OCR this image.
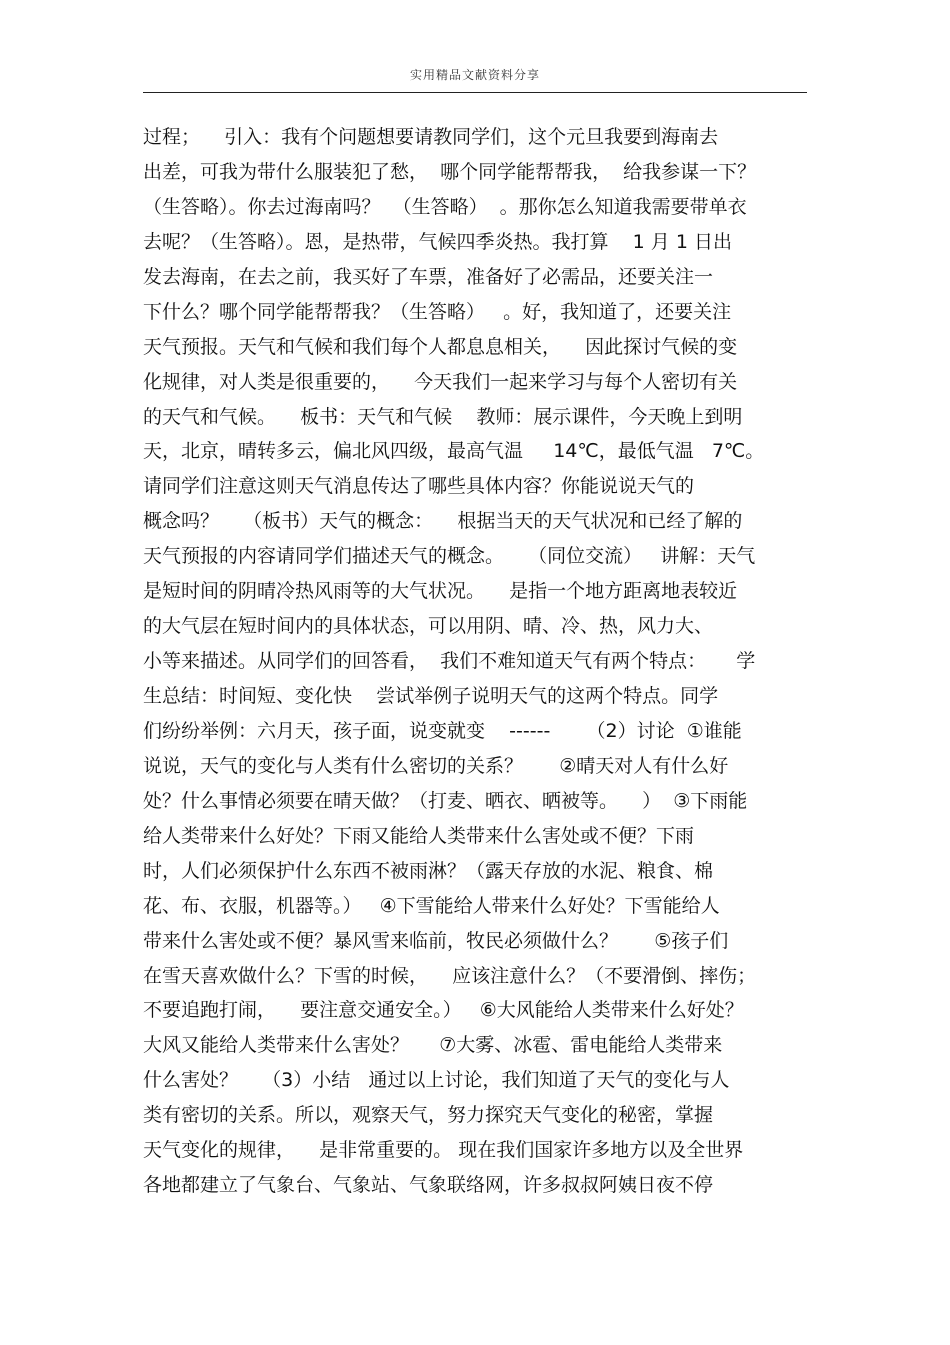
实用精品文献资料分享
过程；    引入：我有个问题想要请教同学们，这个元旦我要到海南去
出差，可我为带什么服装犯了愁，  哪个同学能帮帮我，  给我参谋一下？
（生答略）。你去过海南吗？  （生答略）  。那你怎么知道我需要带单衣
去呢？（生答略）。恩，是热带，气候四季炎热。我打算    1 月 1 日出
发去海南，在去之前，我买好了车票，准备好了必需品，还要关注一
下什么？哪个同学能帮帮我？（生答略）   。好，我知道了，还要关注
天气预报。天气和气候和我们每个人都息息相关，    因此探讨气候的变
化规律，对人类是很重要的，    今天我们一起来学习与每个人密切有关
的天气和气候。    板书：天气和气候    教师：展示课件，今天晚上到明
天，北京，晴转多云，偏北风四级，最高气温     14℃，最低气温   7℃。
请同学们注意这则天气消息传达了哪些具体内容？你能说说天气的
概念吗？    （板书）天气的概念：    根据当天的天气状况和已经了解的
天气预报的内容请同学们描述天气的概念。    （同位交流）   讲解：天气
是短时间的阴晴冷热风雨等的大气状况。    是指一个地方距离地表较近
的大气层在短时间内的具体状态，可以用阴、晴、冷、热，风力大、
小等来描述。从同学们的回答看，  我们不难知道天气有两个特点：     学
生总结：时间短、变化快    尝试举例子说明天气的这两个特点。同学
们纷纷举例：六月天，孩子面，说变就变    ------      （2）讨论  ①谁能
说说，天气的变化与人类有什么密切的关系？      ②晴天对人有什么好
处？什么事情必须要在晴天做？（打麦、晒衣、晒被等。    ）  ③下雨能
给人类带来什么好处？下雨又能给人类带来什么害处或不便？下雨
时，人们必须保护什么东西不被雨淋？（露天存放的水泥、粮食、棉
花、布、衣服，机器等。）   ④下雪能给人带来什么好处？下雪能给人
带来什么害处或不便？暴风雪来临前，牧民必须做什么？      ⑤孩子们
在雪天喜欢做什么？下雪的时候，    应该注意什么？（不要滑倒、摔伤；
不要追跑打闹，    要注意交通安全。）   ⑥大风能给人类带来什么好处？
大风又能给人类带来什么害处？     ⑦大雾、冰雹、雷电能给人类带来
什么害处？    （3）小结   通过以上讨论，我们知道了天气的变化与人
类有密切的关系。所以，观察天气，努力探究天气变化的秘密，掌握
天气变化的规律，    是非常重要的。 现在我们国家许多地方以及全世界
各地都建立了气象台、气象站、气象联络网，许多叔叔阿姨日夜不停
